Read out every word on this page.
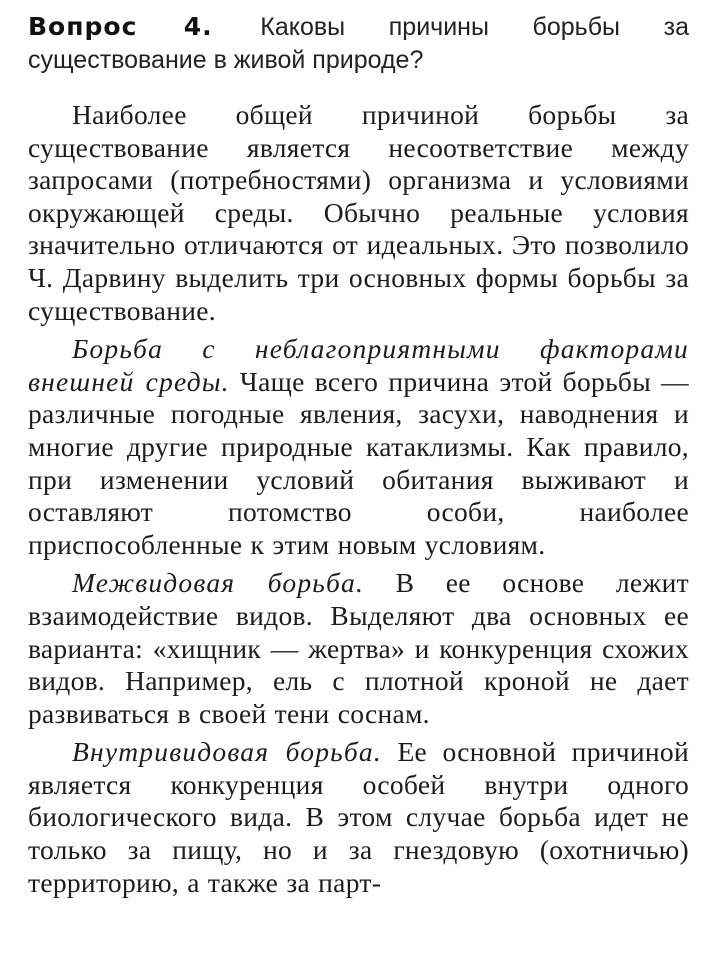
Вопрос 4. Каковы причины борьбы за существование в живой природе?

Наиболее общей причиной борьбы за существование является несоответствие между запросами (потребностями) организма и условиями окружающей среды. Обычно реальные условия значительно отличаются от идеальных. Это позволило Ч. Дарвину выделить три основных формы борьбы за существование.

Борьба с неблагоприятными факторами внешней среды. Чаще всего причина этой борьбы — различные погодные явления, засухи, наводнения и многие другие природные катаклизмы. Как правило, при изменении условий обитания выживают и оставляют потомство особи, наиболее приспособленные к этим новым условиям.

Межвидовая борьба. В ее основе лежит взаимодействие видов. Выделяют два основных ее варианта: «хищник — жертва» и конкуренция схожих видов. Например, ель с плотной кроной не дает развиваться в своей тени соснам.

Внутривидовая борьба. Ее основной причиной является конкуренция особей внутри одного биологического вида. В этом случае борьба идет не только за пищу, но и за гнездовую (охотничью) территорию, а также за парт-
